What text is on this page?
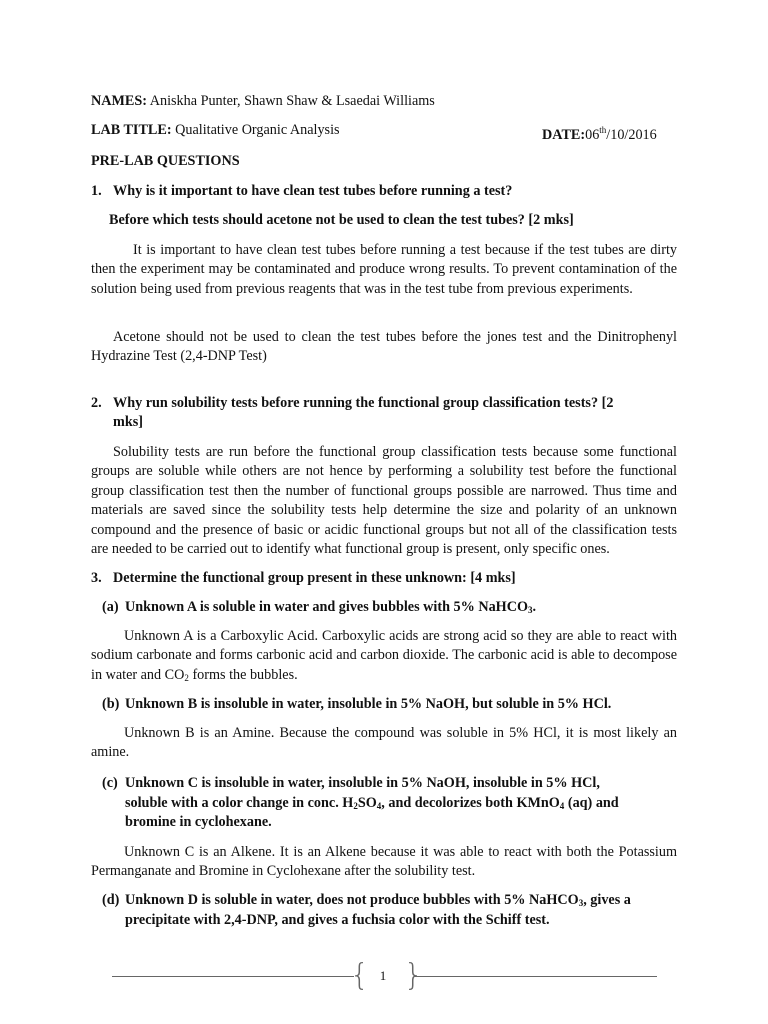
NAMES: Aniskha Punter, Shawn Shaw & Lsaedai Williams
LAB TITLE: Qualitative Organic Analysis	DATE:06th/10/2016
PRE-LAB QUESTIONS
1. Why is it important to have clean test tubes before running a test?
Before which tests should acetone not be used to clean the test tubes? [2 mks]

It is important to have clean test tubes before running a test because if the test tubes are dirty then the experiment may be contaminated and produce wrong results. To prevent contamination of the solution being used from previous reagents that was in the test tube from previous experiments.

Acetone should not be used to clean the test tubes before the jones test and the Dinitrophenyl Hydrazine Test (2,4-DNP Test)

2. Why run solubility tests before running the functional group classification tests? [2
mks]

Solubility tests are run before the functional group classification tests because some functional groups are soluble while others are not hence by performing a solubility test before the functional group classification test then the number of functional groups possible are narrowed. Thus time and materials are saved since the solubility tests help determine the size and polarity of an unknown compound and the presence of basic or acidic functional groups but not all of the classification tests are needed to be carried out to identify what functional group is present, only specific ones.

3. Determine the functional group present in these unknown: [4 mks]
(a) Unknown A is soluble in water and gives bubbles with 5% NaHCO$_3$.

Unknown A is a Carboxylic Acid. Carboxylic acids are strong acid so they are able to react with sodium carbonate and forms carbonic acid and carbon dioxide. The carbonic acid is able to decompose in water and $CO_2$ forms the bubbles.

(b) Unknown B is insoluble in water, insoluble in 5% NaOH, but soluble in 5% HCl.

Unknown B is an Amine. Because the compound was soluble in 5% HCl, it is most likely an amine.

(c) Unknown C is insoluble in water, insoluble in 5% NaOH, insoluble in 5% HCl,
soluble with a color change in conc. $H_2SO_4$, and decolorizes both KMnO$_4$ (aq) and
bromine in cyclohexane.

Unknown C is an Alkene. It is an Alkene because it was able to react with both the Potassium Permanganate and Bromine in Cyclohexane after the solubility test.

(d) Unknown D is soluble in water, does not produce bubbles with 5% NaHCO$_3$, gives a
precipitate with 2,4-DNP, and gives a fuchsia color with the Schiff test.
{ }
1
